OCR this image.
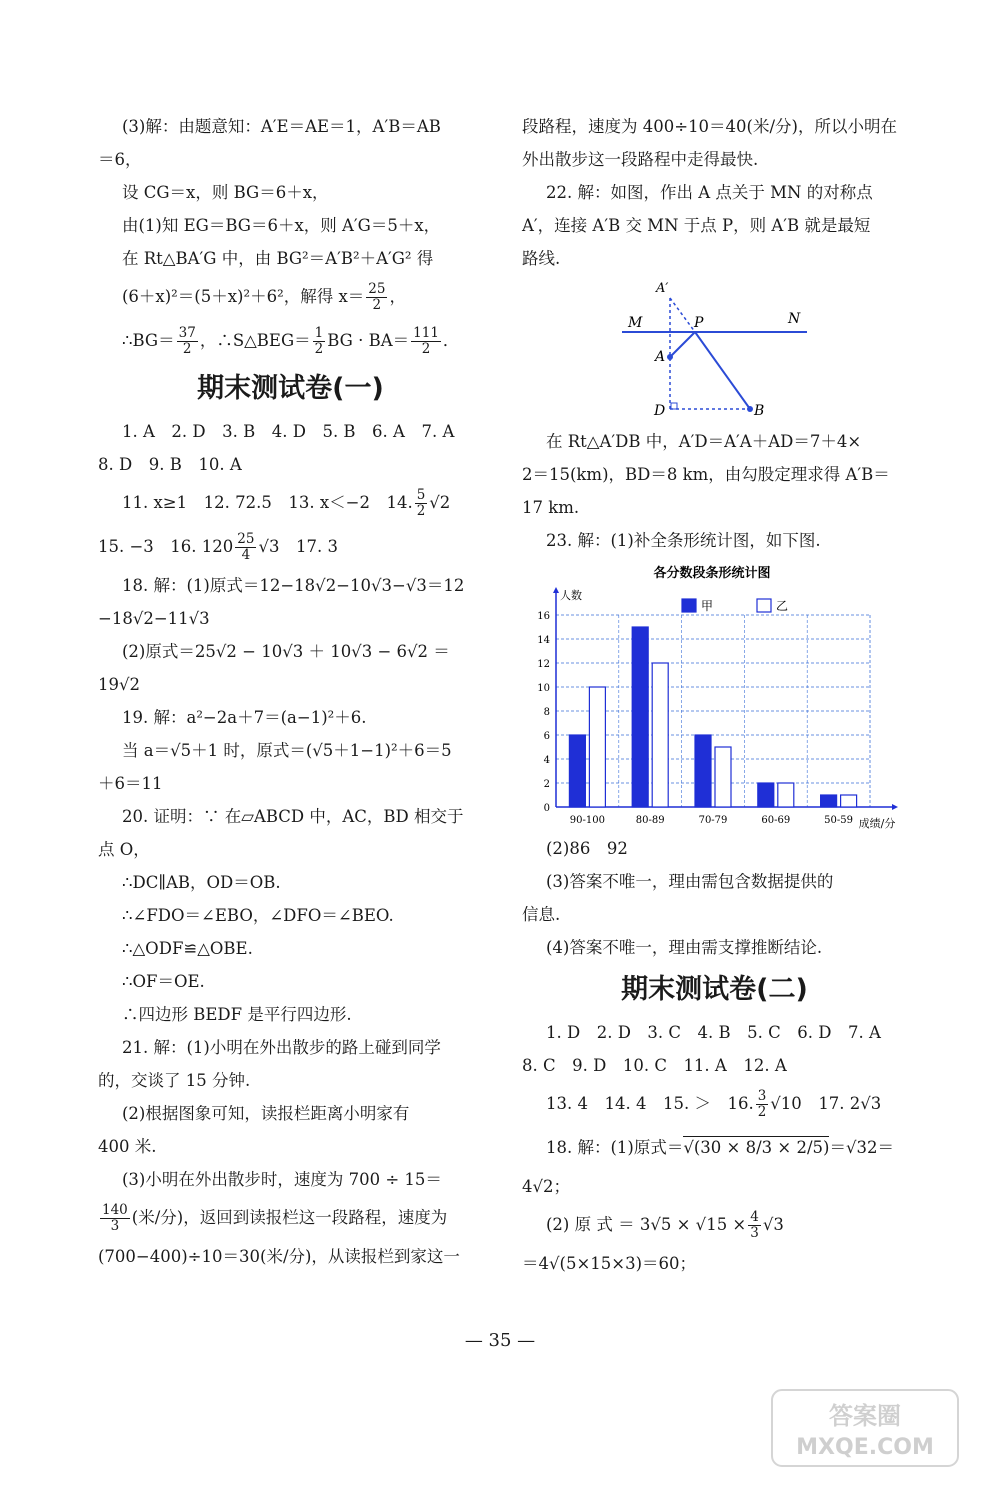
(3)解：由题意知：A′E＝AE＝1，A′B＝AB

＝6，

设 CG＝x，则 BG＝6＋x，

由(1)知 EG＝BG＝6＋x，则 A′G＝5＋x，

在 Rt△BA′G 中，由 BG²＝A′B²＋A′G² 得

(6＋x)²＝(5＋x)²＋6²，解得 $x= \frac{25}{2}$ ，

∴BG＝ $\frac{37}{2}$ ，∴S△BEG＝ $\frac{1}{2}$ BG · $BA= \frac{111}{2}$ ．

期末测试卷(一)

1. A　2. D　3. B　4. D　5. B　6. A　7. A

8. D　9. B　10. A

11. x≥1　12. 72.5　13. x＜−2　14. $\frac{5}{2} √2$

15. −3　16. $120 \frac{25}{4} √3$　17. 3

18. 解：(1)原式＝12−18√2−10√3−√3＝12

−18√2−11√3

(2)原式＝25√2 − 10√3 ＋ 10√3 − 6√2 ＝

19√2

19. 解：a²−2a＋7＝(a−1)²＋6.

当 a＝√5＋1 时，原式＝(√5＋1−1)²＋6＝5

＋6＝11

20. 证明：∵ 在▱ABCD 中，AC，BD 相交于

点 O，

∴DC∥AB，OD＝OB.

∴∠FDO＝∠EBO，∠DFO＝∠BEO.

∴△ODF≌△OBE.

∴OF＝OE.

∴四边形 BEDF 是平行四边形.

21. 解：(1)小明在外出散步的路上碰到同学

的，交谈了 15 分钟.

(2)根据图象可知，读报栏距离小明家有

400 米.

(3)小明在外出散步时，速度为 700 ÷ 15＝

$\frac{140}{3}$ (米/分)，返回到读报栏这一段路程，速度为

(700−400)÷10＝30(米/分)，从读报栏到家这一

段路程，速度为 400÷10＝40(米/分)，所以小明在

外出散步这一段路程中走得最快.

22. 解：如图，作出 A 点关于 MN 的对称点

A′，连接 A′B 交 MN 于点 P，则 A′B 就是最短

路线.

A′
M	P	N
A
D	B

在 Rt△A′DB 中，A′D＝A′A＋AD＝7＋4×

2＝15(km)，BD＝8 km，由勾股定理求得 A′B＝

17 km.

23. 解：(1)补全条形统计图，如下图.

各分数段条形统计图
人数
成绩/分
0
2
4
6
8
10
12
14
16
90-100	80-89	70-79	60-69	50-59
甲	乙

(2)86　92

(3)答案不唯一，理由需包含数据提供的

信息.

(4)答案不唯一，理由需支撑推断结论.

期末测试卷(二)

1. D　2. D　3. C　4. B　5. C　6. D　7. A

8. C　9. D　10. C　11. A　12. A

13. 4　14. 4　15. ＞　16. $\frac{3}{2} √10$　17. 2√3

18. 解：(1)原式＝√(30 × 8/3 × 2/5)＝√32＝

4√2；

(2) 原 式 ＝ $3√5 \times √15 \times \frac{4}{3} √3$

＝4√(5×15×3)＝60；

— 35 —
答案圈
MXQE.COM
